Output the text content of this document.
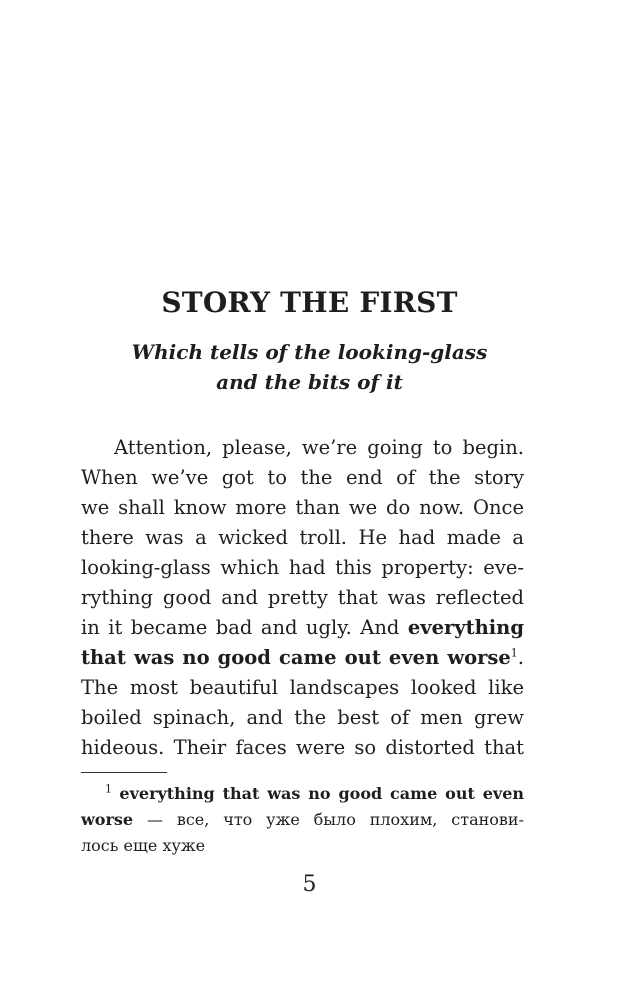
STORY THE FIRST
Which tells of the looking-glass
and the bits of it
Attention, please, we’re going to begin.
When we’ve got to the end of the story
we shall know more than we do now. Once
there was a wicked troll. He had made a
looking-glass which had this property: eve-
rything good and pretty that was reflected
in it became bad and ugly. And everything
that was no good came out even worse$^1$.
The most beautiful landscapes looked like
boiled spinach, and the best of men grew
hideous. Their faces were so distorted that
$^1$ everything that was no good came out even
worse — все, что уже было плохим, станови-
лось еще хуже
5
